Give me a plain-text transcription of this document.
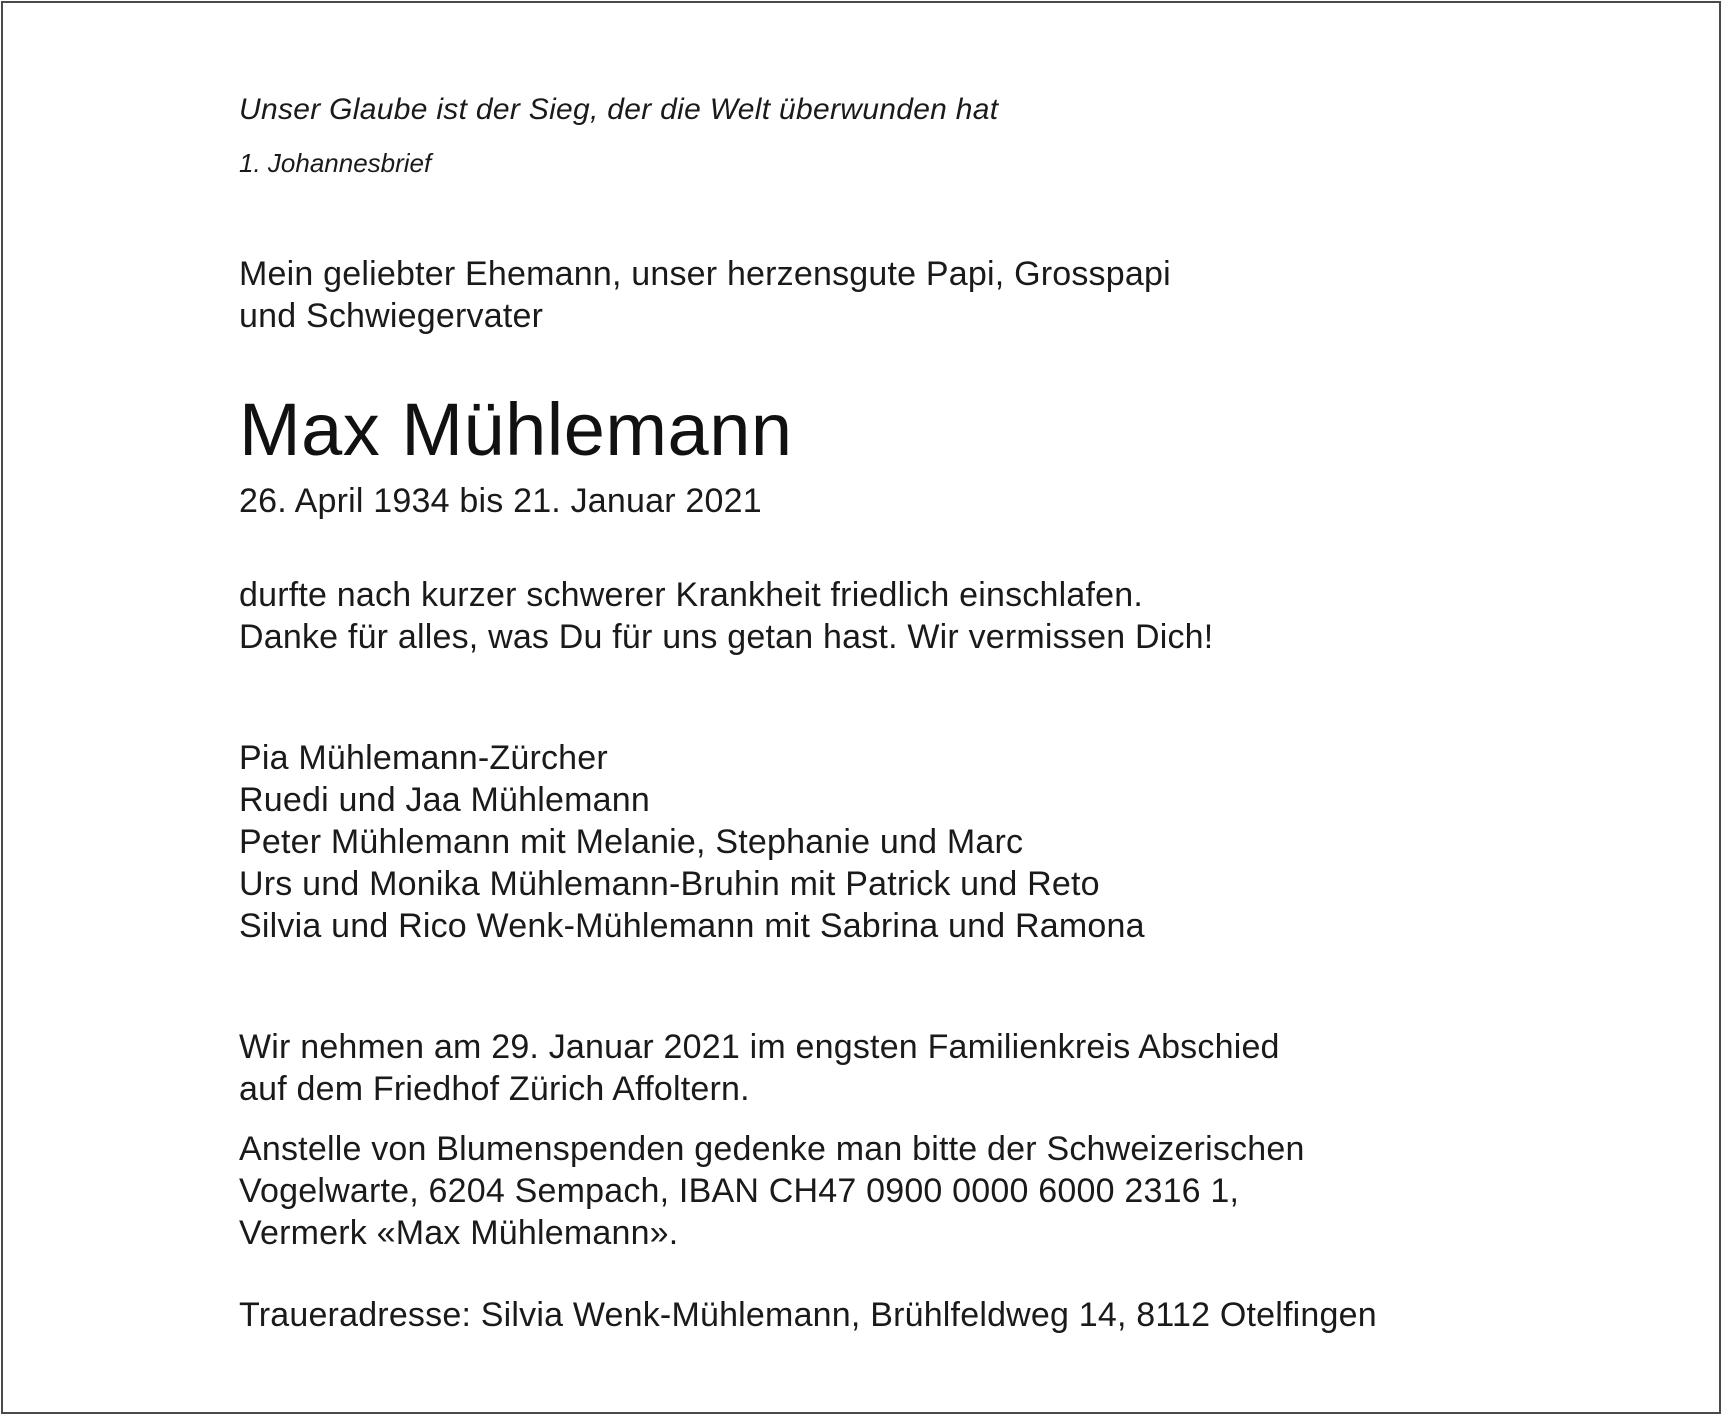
Unser Glaube ist der Sieg, der die Welt überwunden hat

1. Johannesbrief

Mein geliebter Ehemann, unser herzensgute Papi, Grosspapi

und Schwiegervater

Max Mühlemann

26. April 1934 bis 21. Januar 2021

durfte nach kurzer schwerer Krankheit friedlich einschlafen.

Danke für alles, was Du für uns getan hast. Wir vermissen Dich!

Pia Mühlemann-Zürcher

Ruedi und Jaa Mühlemann

Peter Mühlemann mit Melanie, Stephanie und Marc

Urs und Monika Mühlemann-Bruhin mit Patrick und Reto

Silvia und Rico Wenk-Mühlemann mit Sabrina und Ramona

Wir nehmen am 29. Januar 2021 im engsten Familienkreis Abschied

auf dem Friedhof Zürich Affoltern.

Anstelle von Blumenspenden gedenke man bitte der Schweizerischen

Vogelwarte, 6204 Sempach, IBAN CH47 0900 0000 6000 2316 1,

Vermerk «Max Mühlemann».

Traueradresse: Silvia Wenk-Mühlemann, Brühlfeldweg 14, 8112 Otelfingen
